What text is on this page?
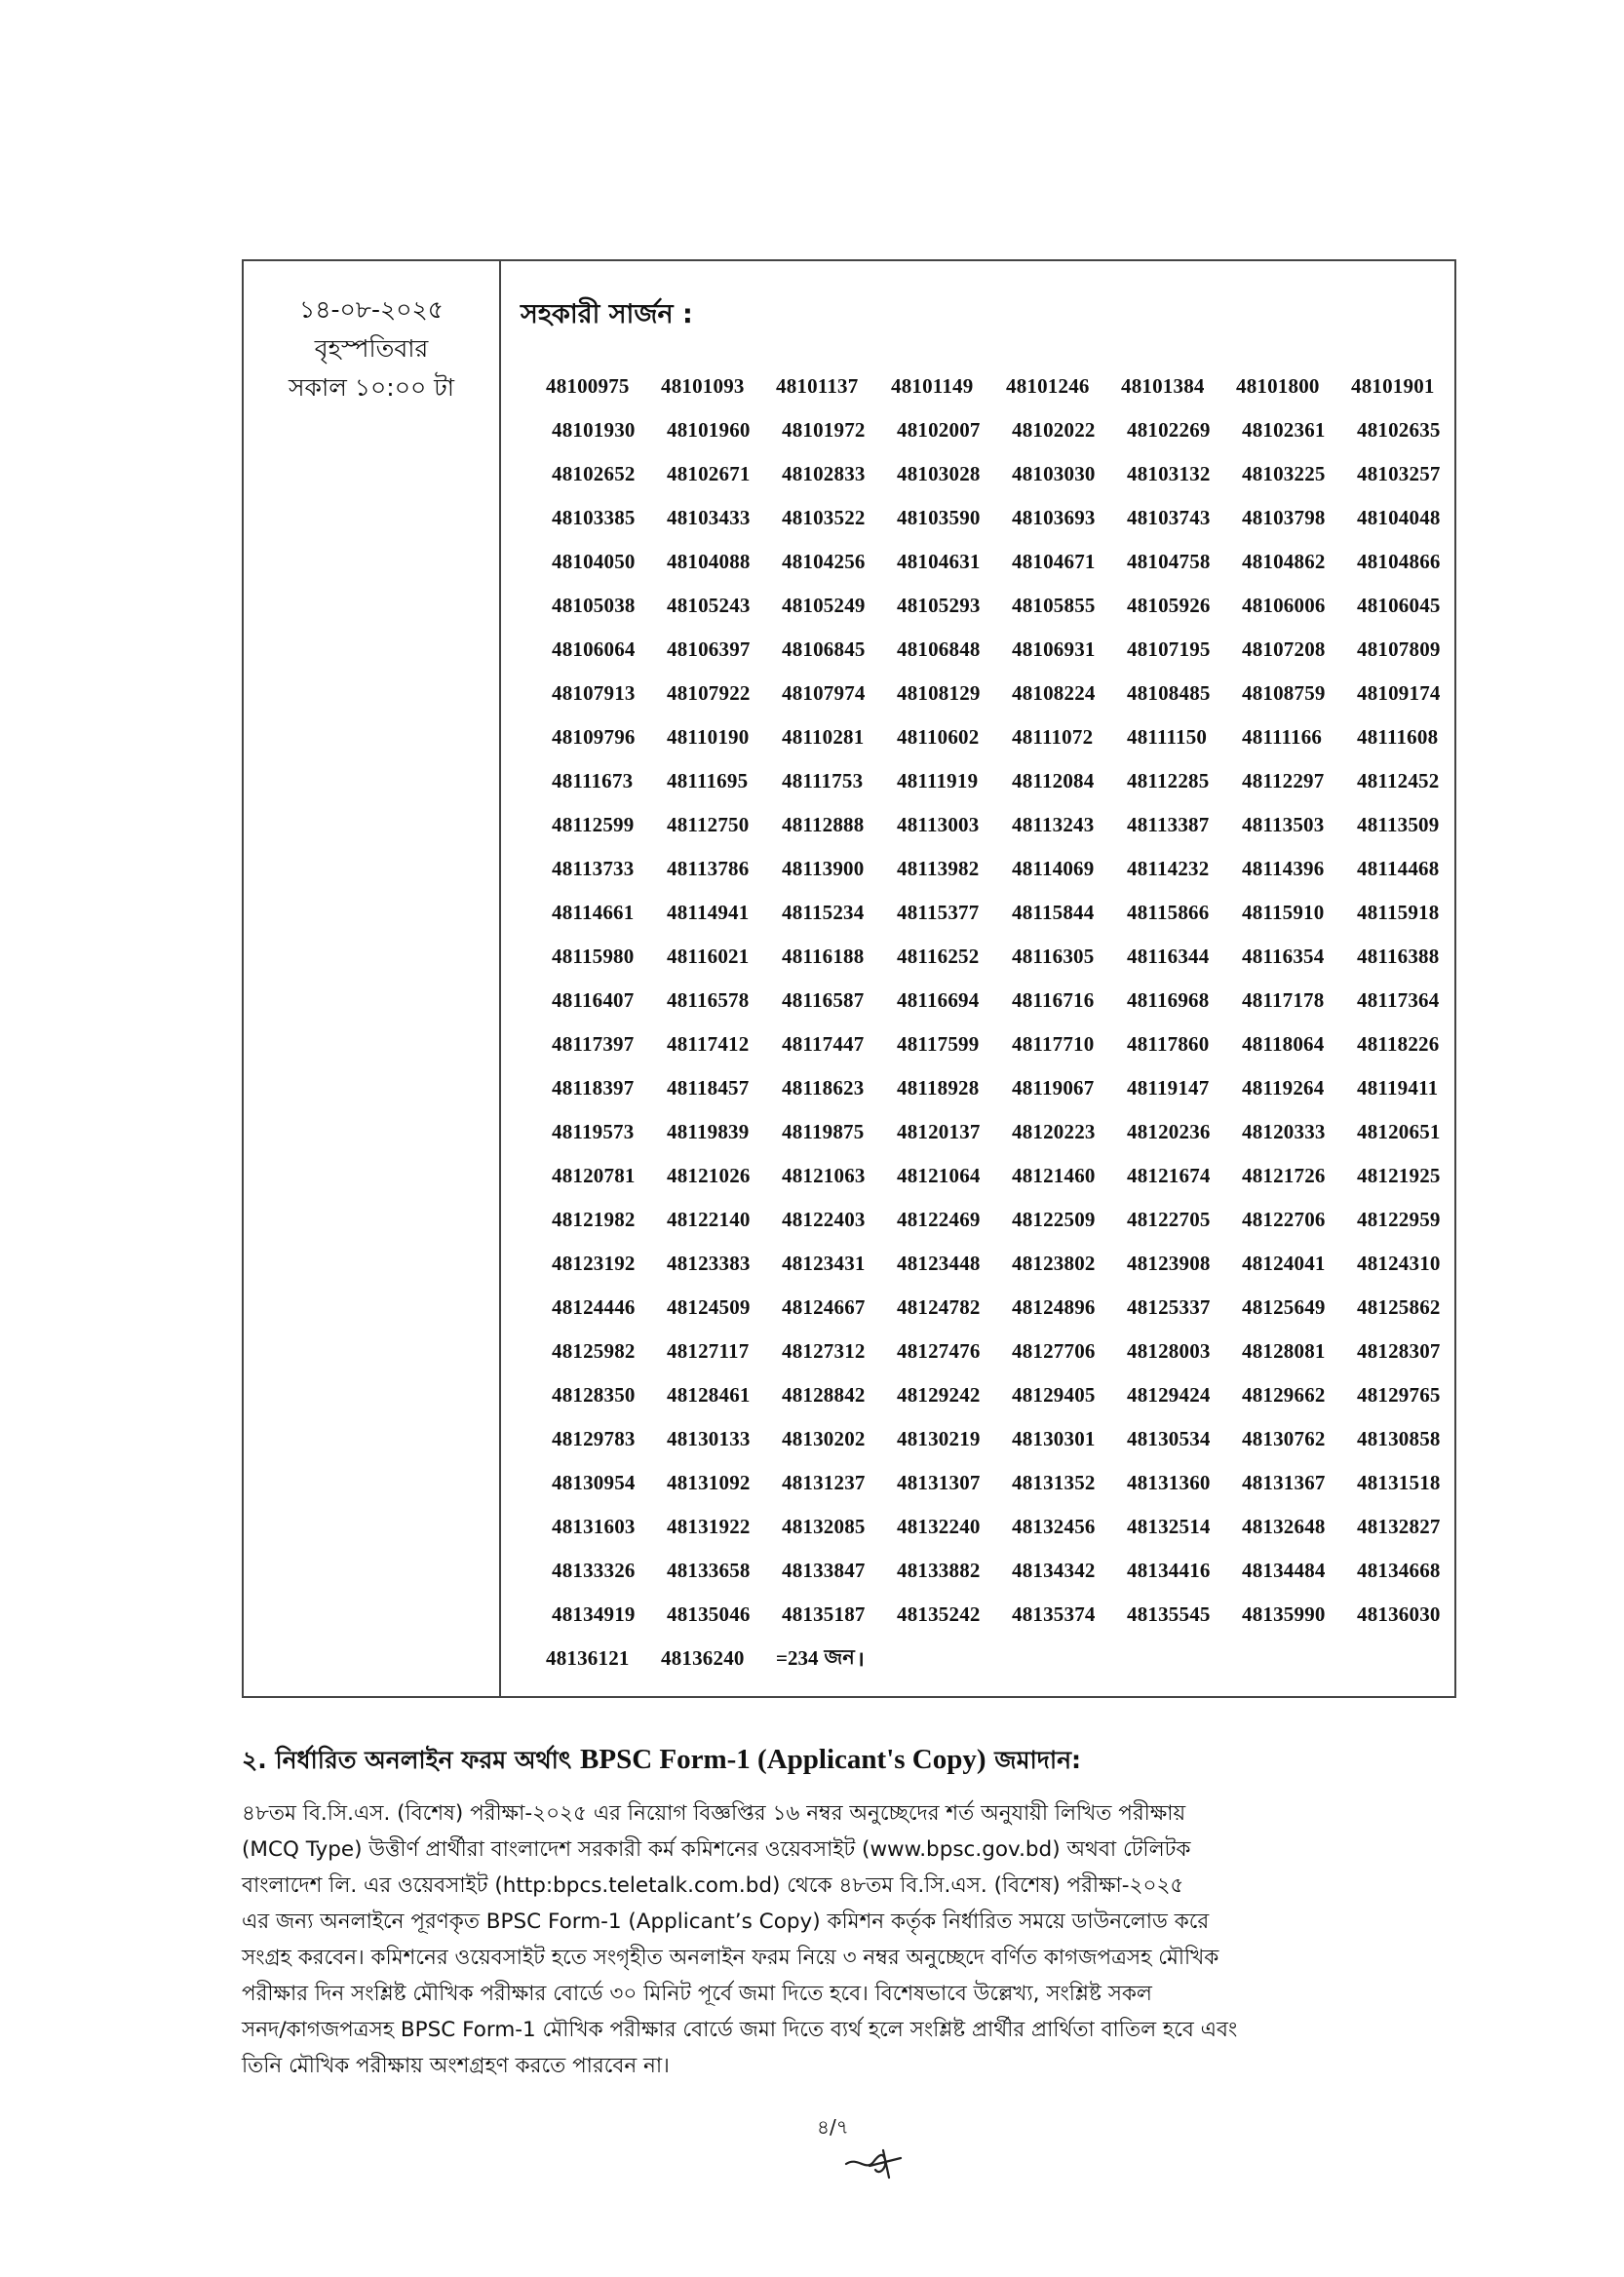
১৪-০৮-২০২৫
বৃহস্পতিবার
সকাল ১০:০০ টা
সহকারী সার্জন :
48100975	48101093	48101137	48101149	48101246	48101384	48101800	48101901
48101930	48101960	48101972	48102007	48102022	48102269	48102361	48102635
48102652	48102671	48102833	48103028	48103030	48103132	48103225	48103257
48103385	48103433	48103522	48103590	48103693	48103743	48103798	48104048
48104050	48104088	48104256	48104631	48104671	48104758	48104862	48104866
48105038	48105243	48105249	48105293	48105855	48105926	48106006	48106045
48106064	48106397	48106845	48106848	48106931	48107195	48107208	48107809
48107913	48107922	48107974	48108129	48108224	48108485	48108759	48109174
48109796	48110190	48110281	48110602	48111072	48111150	48111166	48111608
48111673	48111695	48111753	48111919	48112084	48112285	48112297	48112452
48112599	48112750	48112888	48113003	48113243	48113387	48113503	48113509
48113733	48113786	48113900	48113982	48114069	48114232	48114396	48114468
48114661	48114941	48115234	48115377	48115844	48115866	48115910	48115918
48115980	48116021	48116188	48116252	48116305	48116344	48116354	48116388
48116407	48116578	48116587	48116694	48116716	48116968	48117178	48117364
48117397	48117412	48117447	48117599	48117710	48117860	48118064	48118226
48118397	48118457	48118623	48118928	48119067	48119147	48119264	48119411
48119573	48119839	48119875	48120137	48120223	48120236	48120333	48120651
48120781	48121026	48121063	48121064	48121460	48121674	48121726	48121925
48121982	48122140	48122403	48122469	48122509	48122705	48122706	48122959
48123192	48123383	48123431	48123448	48123802	48123908	48124041	48124310
48124446	48124509	48124667	48124782	48124896	48125337	48125649	48125862
48125982	48127117	48127312	48127476	48127706	48128003	48128081	48128307
48128350	48128461	48128842	48129242	48129405	48129424	48129662	48129765
48129783	48130133	48130202	48130219	48130301	48130534	48130762	48130858
48130954	48131092	48131237	48131307	48131352	48131360	48131367	48131518
48131603	48131922	48132085	48132240	48132456	48132514	48132648	48132827
48133326	48133658	48133847	48133882	48134342	48134416	48134484	48134668
48134919	48135046	48135187	48135242	48135374	48135545	48135990	48136030
48136121	48136240	=234 জন ।
২. নির্ধারিত অনলাইন ফরম অর্থাৎ BPSC Form-1 (Applicant's Copy) জমাদান:

৪৮তম বি.সি.এস. (বিশেষ) পরীক্ষা-২০২৫ এর নিয়োগ বিজ্ঞপ্তির ১৬ নম্বর অনুচ্ছেদের শর্ত অনুযায়ী লিখিত পরীক্ষায়

(MCQ Type) উত্তীর্ণ প্রার্থীরা বাংলাদেশ সরকারী কর্ম কমিশনের ওয়েবসাইট (www.bpsc.gov.bd) অথবা টেলিটক

বাংলাদেশ লি. এর ওয়েবসাইট (http:bpcs.teletalk.com.bd) থেকে ৪৮তম বি.সি.এস. (বিশেষ) পরীক্ষা-২০২৫

এর জন্য অনলাইনে পূরণকৃত BPSC Form-1 (Applicant’s Copy) কমিশন কর্তৃক নির্ধারিত সময়ে ডাউনলোড করে

সংগ্রহ করবেন। কমিশনের ওয়েবসাইট হতে সংগৃহীত অনলাইন ফরম নিয়ে ৩ নম্বর অনুচ্ছেদে বর্ণিত কাগজপত্রসহ মৌখিক

পরীক্ষার দিন সংশ্লিষ্ট মৌখিক পরীক্ষার বোর্ডে ৩০ মিনিট পূর্বে জমা দিতে হবে। বিশেষভাবে উল্লেখ্য, সংশ্লিষ্ট সকল

সনদ/কাগজপত্রসহ BPSC Form-1 মৌখিক পরীক্ষার বোর্ডে জমা দিতে ব্যর্থ হলে সংশ্লিষ্ট প্রার্থীর প্রার্থিতা বাতিল হবে এবং

তিনি মৌখিক পরীক্ষায় অংশগ্রহণ করতে পারবেন না।

৪/৭
